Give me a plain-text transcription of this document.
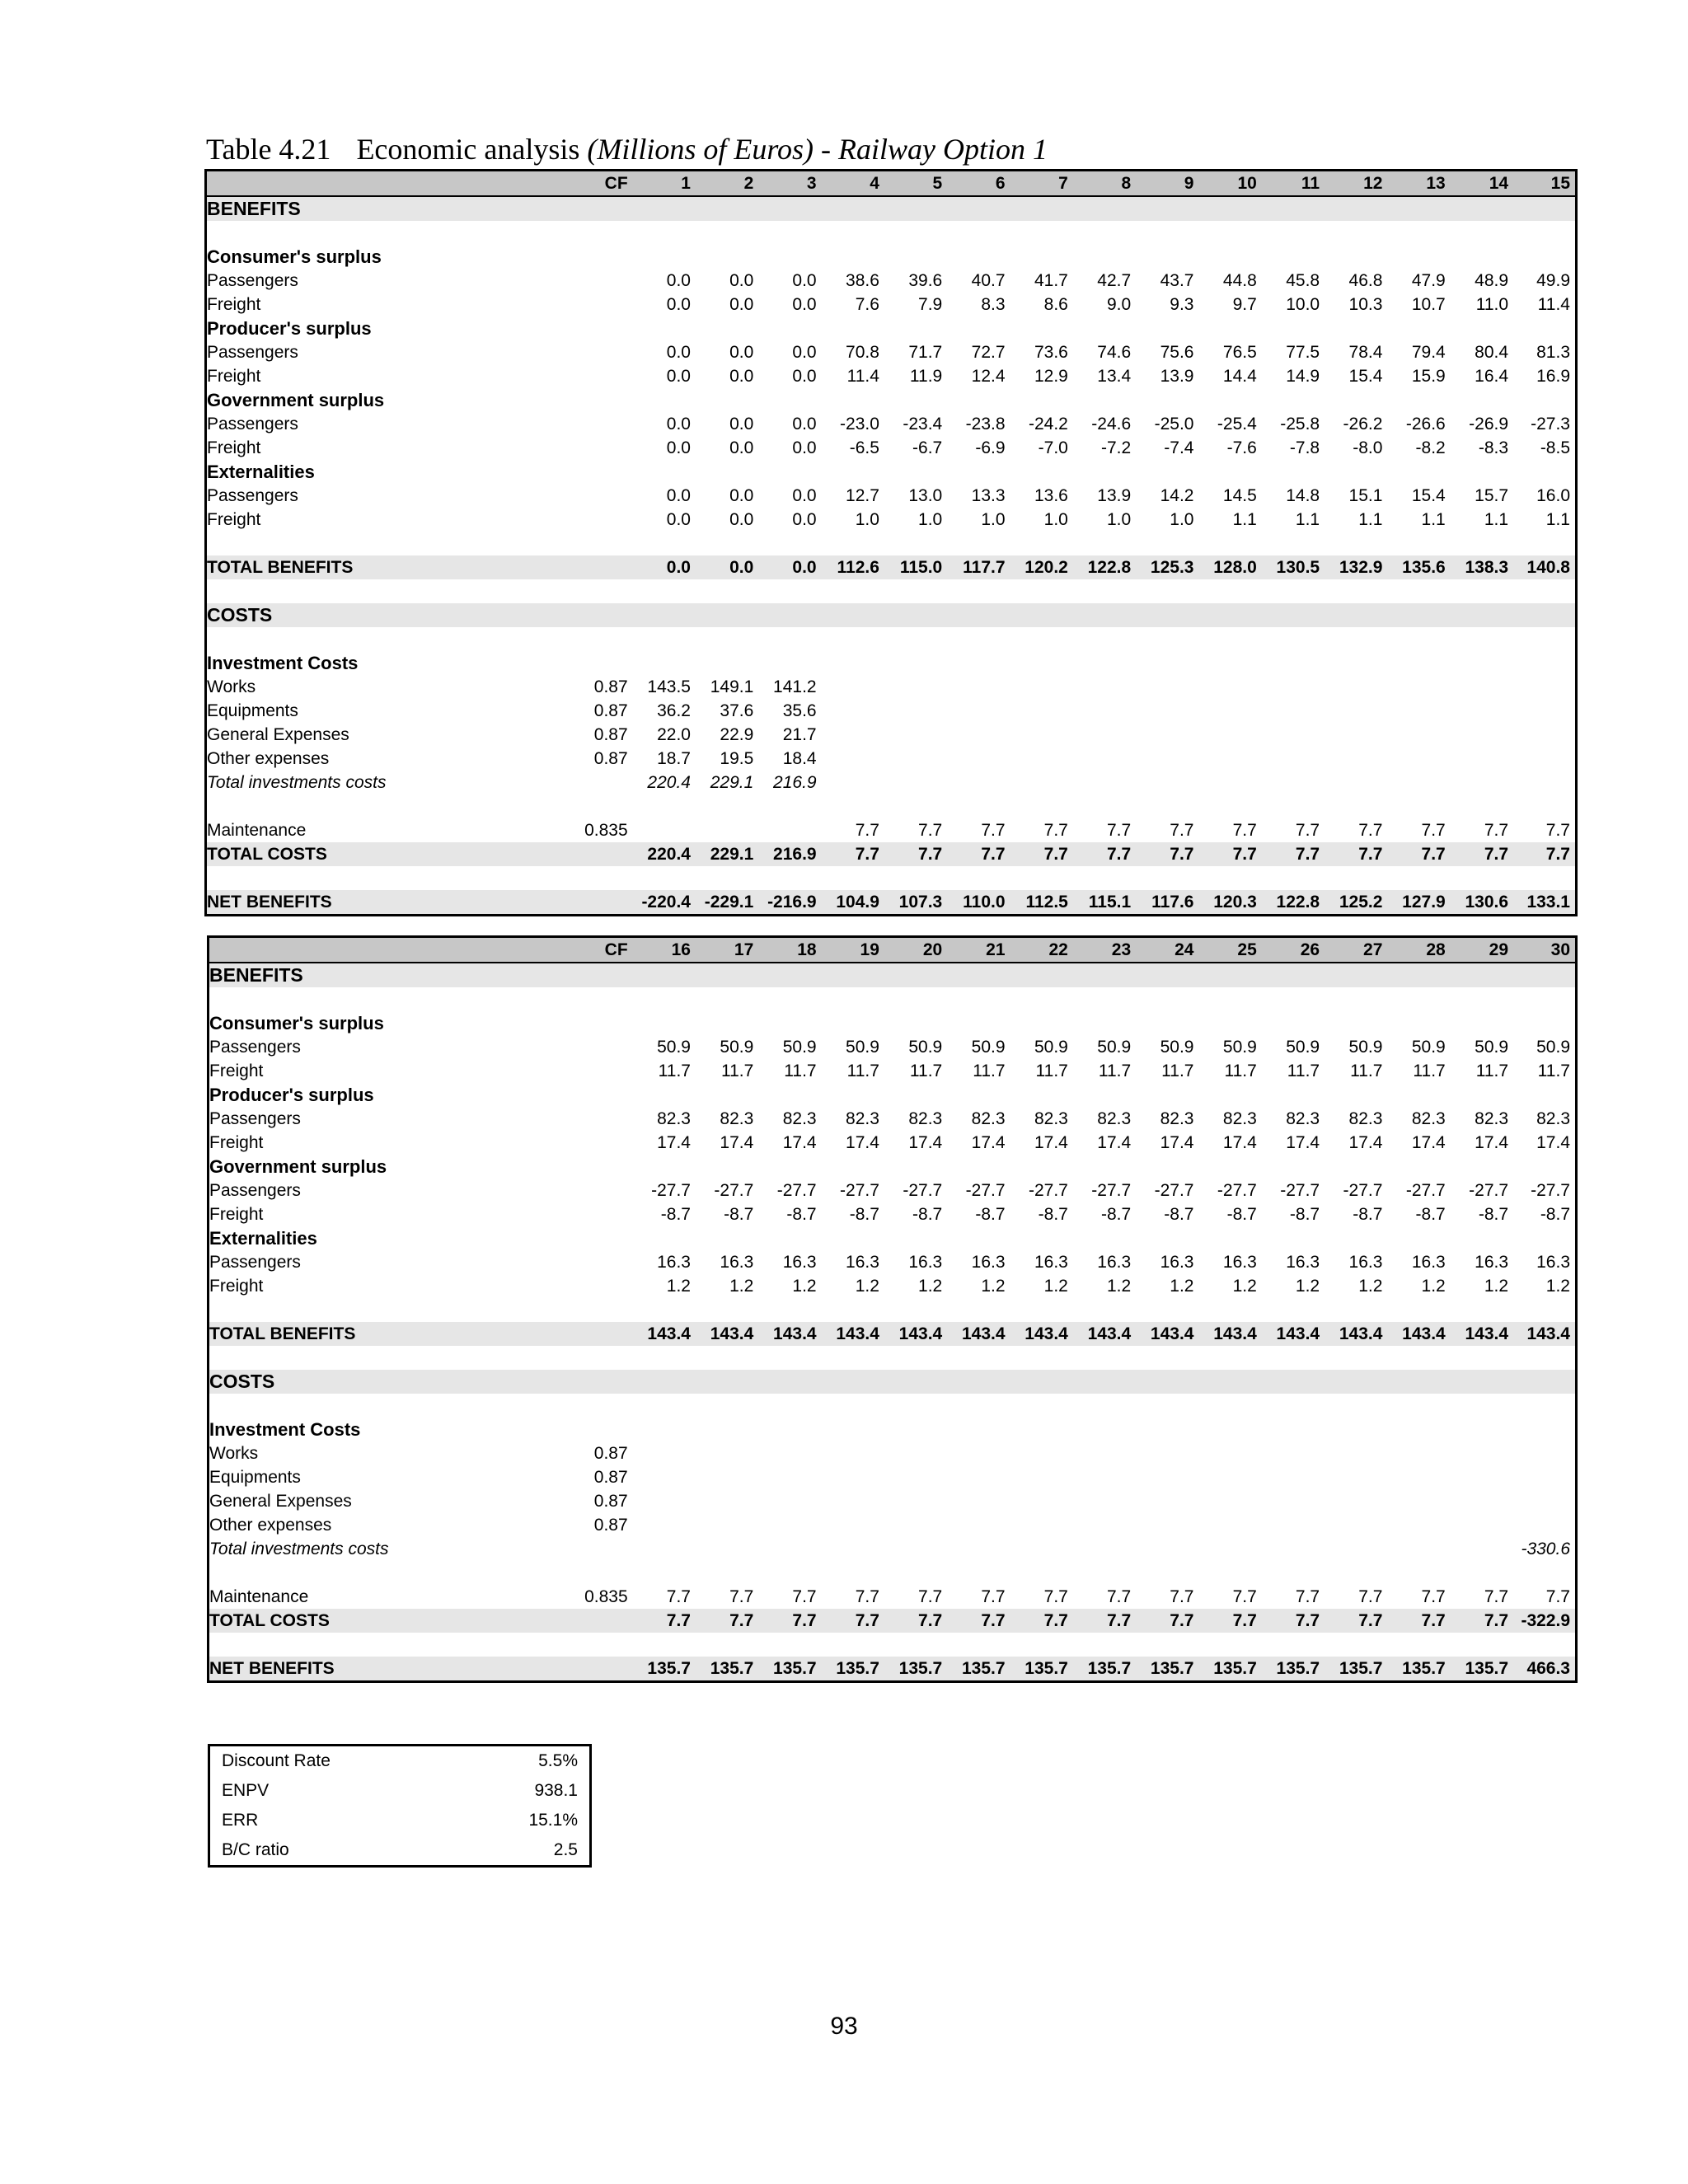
Table 4.21 Economic analysis (Millions of Euros) - Railway Option 1
	CF	1	2	3	4	5	6	7	8	9	10	11	12	13	14	15
BENEFITS																

Consumer's surplus																
Passengers		0.0	0.0	0.0	38.6	39.6	40.7	41.7	42.7	43.7	44.8	45.8	46.8	47.9	48.9	49.9
Freight		0.0	0.0	0.0	7.6	7.9	8.3	8.6	9.0	9.3	9.7	10.0	10.3	10.7	11.0	11.4
Producer's surplus																
Passengers		0.0	0.0	0.0	70.8	71.7	72.7	73.6	74.6	75.6	76.5	77.5	78.4	79.4	80.4	81.3
Freight		0.0	0.0	0.0	11.4	11.9	12.4	12.9	13.4	13.9	14.4	14.9	15.4	15.9	16.4	16.9
Government surplus																
Passengers		0.0	0.0	0.0	-23.0	-23.4	-23.8	-24.2	-24.6	-25.0	-25.4	-25.8	-26.2	-26.6	-26.9	-27.3
Freight		0.0	0.0	0.0	-6.5	-6.7	-6.9	-7.0	-7.2	-7.4	-7.6	-7.8	-8.0	-8.2	-8.3	-8.5
Externalities																
Passengers		0.0	0.0	0.0	12.7	13.0	13.3	13.6	13.9	14.2	14.5	14.8	15.1	15.4	15.7	16.0
Freight		0.0	0.0	0.0	1.0	1.0	1.0	1.0	1.0	1.0	1.1	1.1	1.1	1.1	1.1	1.1

TOTAL BENEFITS		0.0	0.0	0.0	112.6	115.0	117.7	120.2	122.8	125.3	128.0	130.5	132.9	135.6	138.3	140.8

COSTS																

Investment Costs																
Works	0.87	143.5	149.1	141.2												
Equipments	0.87	36.2	37.6	35.6												
General Expenses	0.87	22.0	22.9	21.7												
Other expenses	0.87	18.7	19.5	18.4												
Total investments costs		220.4	229.1	216.9												

Maintenance	0.835				7.7	7.7	7.7	7.7	7.7	7.7	7.7	7.7	7.7	7.7	7.7	7.7
TOTAL COSTS		220.4	229.1	216.9	7.7	7.7	7.7	7.7	7.7	7.7	7.7	7.7	7.7	7.7	7.7	7.7

NET BENEFITS		-220.4	-229.1	-216.9	104.9	107.3	110.0	112.5	115.1	117.6	120.3	122.8	125.2	127.9	130.6	133.1
	CF	16	17	18	19	20	21	22	23	24	25	26	27	28	29	30
BENEFITS																

Consumer's surplus																
Passengers		50.9	50.9	50.9	50.9	50.9	50.9	50.9	50.9	50.9	50.9	50.9	50.9	50.9	50.9	50.9
Freight		11.7	11.7	11.7	11.7	11.7	11.7	11.7	11.7	11.7	11.7	11.7	11.7	11.7	11.7	11.7
Producer's surplus																
Passengers		82.3	82.3	82.3	82.3	82.3	82.3	82.3	82.3	82.3	82.3	82.3	82.3	82.3	82.3	82.3
Freight		17.4	17.4	17.4	17.4	17.4	17.4	17.4	17.4	17.4	17.4	17.4	17.4	17.4	17.4	17.4
Government surplus																
Passengers		-27.7	-27.7	-27.7	-27.7	-27.7	-27.7	-27.7	-27.7	-27.7	-27.7	-27.7	-27.7	-27.7	-27.7	-27.7
Freight		-8.7	-8.7	-8.7	-8.7	-8.7	-8.7	-8.7	-8.7	-8.7	-8.7	-8.7	-8.7	-8.7	-8.7	-8.7
Externalities																
Passengers		16.3	16.3	16.3	16.3	16.3	16.3	16.3	16.3	16.3	16.3	16.3	16.3	16.3	16.3	16.3
Freight		1.2	1.2	1.2	1.2	1.2	1.2	1.2	1.2	1.2	1.2	1.2	1.2	1.2	1.2	1.2

TOTAL BENEFITS		143.4	143.4	143.4	143.4	143.4	143.4	143.4	143.4	143.4	143.4	143.4	143.4	143.4	143.4	143.4

COSTS																

Investment Costs																
Works	0.87															
Equipments	0.87															
General Expenses	0.87															
Other expenses	0.87															
Total investments costs																-330.6

Maintenance	0.835	7.7	7.7	7.7	7.7	7.7	7.7	7.7	7.7	7.7	7.7	7.7	7.7	7.7	7.7	7.7
TOTAL COSTS		7.7	7.7	7.7	7.7	7.7	7.7	7.7	7.7	7.7	7.7	7.7	7.7	7.7	7.7	-322.9

NET BENEFITS		135.7	135.7	135.7	135.7	135.7	135.7	135.7	135.7	135.7	135.7	135.7	135.7	135.7	135.7	466.3
Discount Rate	5.5%
ENPV	938.1
ERR	15.1%
B/C ratio	2.5
93
